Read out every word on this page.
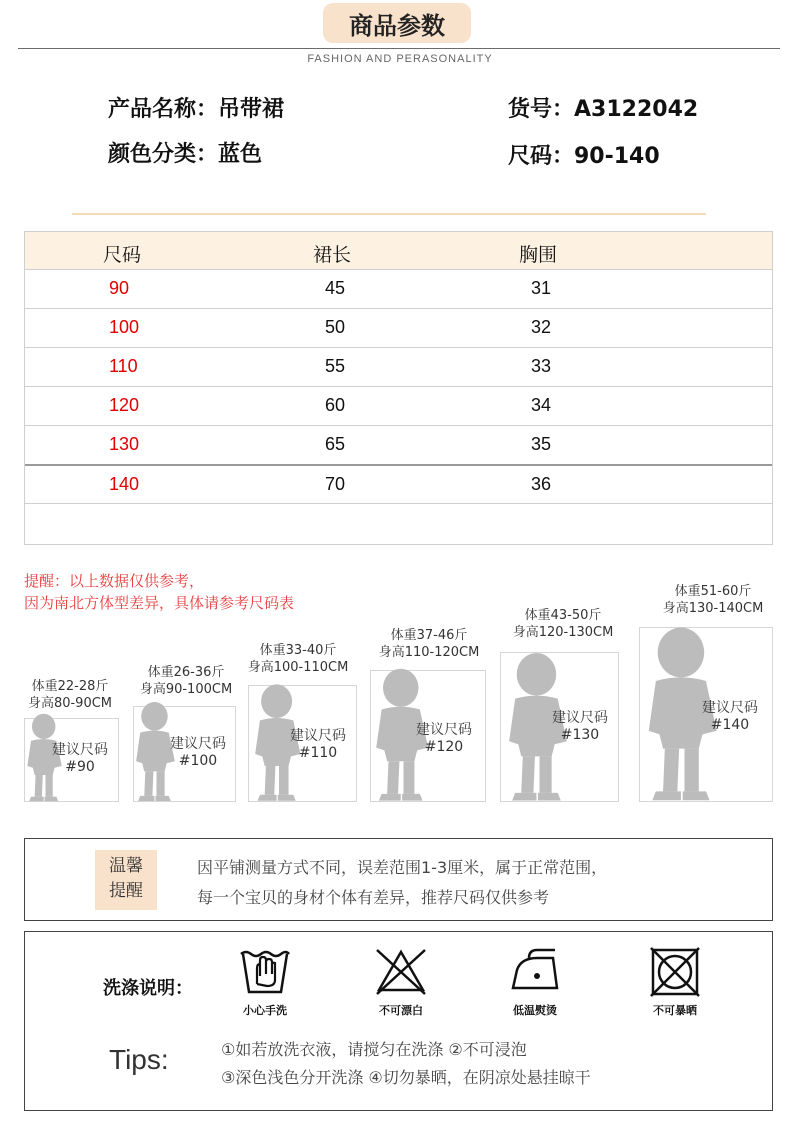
商品参数
FASHION AND PERASONALITY
产品名称：吊带裙	货号：A3122042
颜色分类：蓝色	尺码：90-140
尺码	裙长	胸围
90	45	31
100	50	32
110	55	33
120	60	34
130	65	35
140	70	36
提醒：以上数据仅供参考，
因为南北方体型差异，具体请参考尺码表
体重22-28斤
身高80-90CM
建议尺码
#90
体重26-36斤
身高90-100CM
建议尺码
#100
体重33-40斤
身高100-110CM
建议尺码
#110
体重37-46斤
身高110-120CM
建议尺码
#120
体重43-50斤
身高120-130CM
建议尺码
#130
体重51-60斤
身高130-140CM
建议尺码
#140
温馨
提醒
因平铺测量方式不同，误差范围1-3厘米，属于正常范围，
每一个宝贝的身材个体有差异，推荐尺码仅供参考
洗涤说明：
小心手洗	不可漂白	低温熨烫	不可暴晒
Tips:	①如若放洗衣液，请搅匀在洗涤 ②不可浸泡
③深色浅色分开洗涤 ④切勿暴晒，在阴凉处悬挂晾干
